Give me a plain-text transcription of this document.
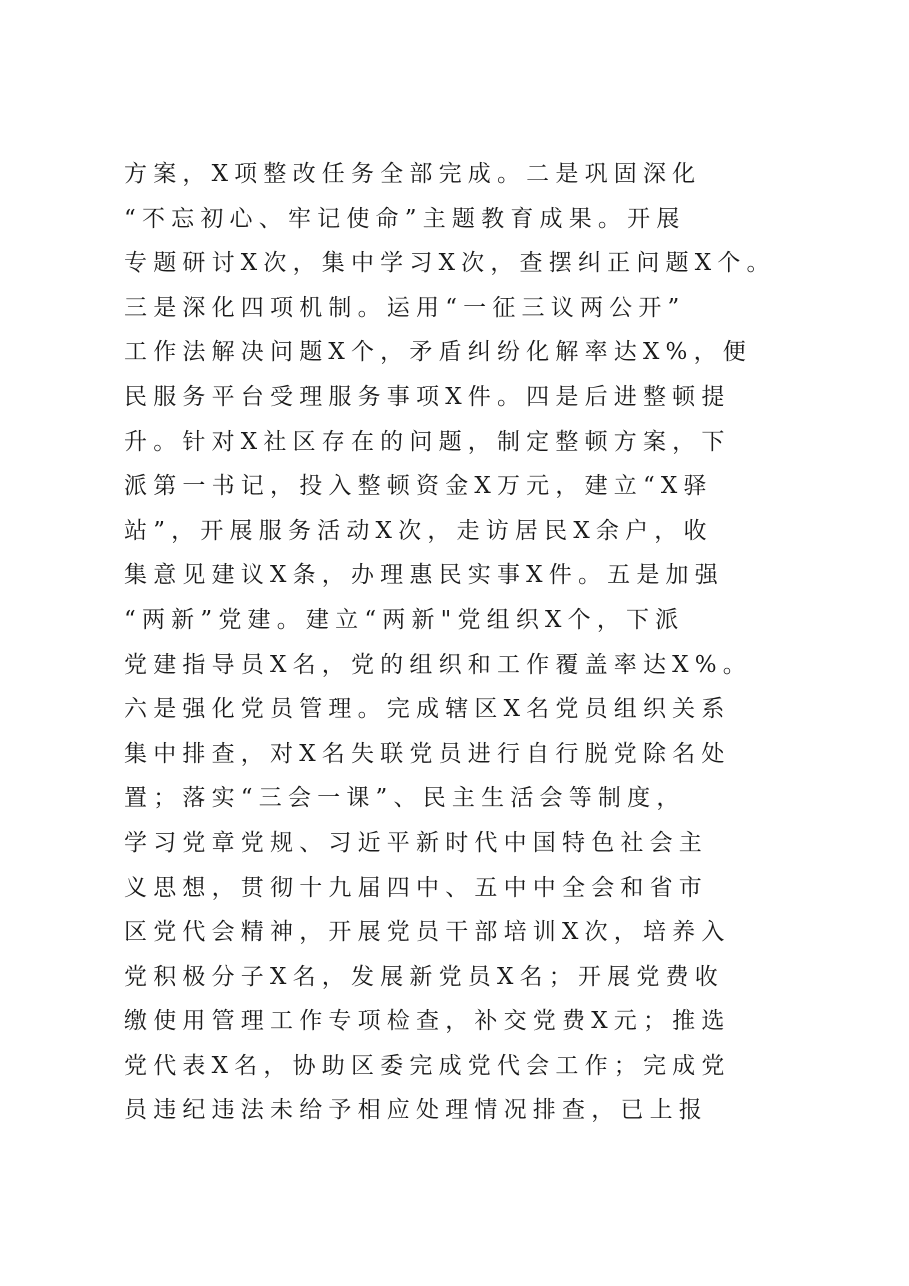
方案，X项整改任务全部完成。二是巩固深化
“不忘初心、牢记使命”主题教育成果。开展
专题研讨X次，集中学习X次，查摆纠正问题X个。
三是深化四项机制。运用“一征三议两公开”
工作法解决问题X个，矛盾纠纷化解率达X%，便
民服务平台受理服务事项X件。四是后进整顿提
升。针对X社区存在的问题，制定整顿方案，下
派第一书记，投入整顿资金X万元，建立“X驿
站”，开展服务活动X次，走访居民X余户，收
集意见建议X条，办理惠民实事X件。五是加强
“两新”党建。建立“两新"党组织X个，下派
党建指导员X名，党的组织和工作覆盖率达X%。
六是强化党员管理。完成辖区X名党员组织关系
集中排查，对X名失联党员进行自行脱党除名处
置；落实“三会一课”、民主生活会等制度，
学习党章党规、习近平新时代中国特色社会主
义思想，贯彻十九届四中、五中中全会和省市
区党代会精神，开展党员干部培训X次，培养入
党积极分子X名，发展新党员X名；开展党费收
缴使用管理工作专项检查，补交党费X元；推选
党代表X名，协助区委完成党代会工作；完成党
员违纪违法未给予相应处理情况排查，已上报
